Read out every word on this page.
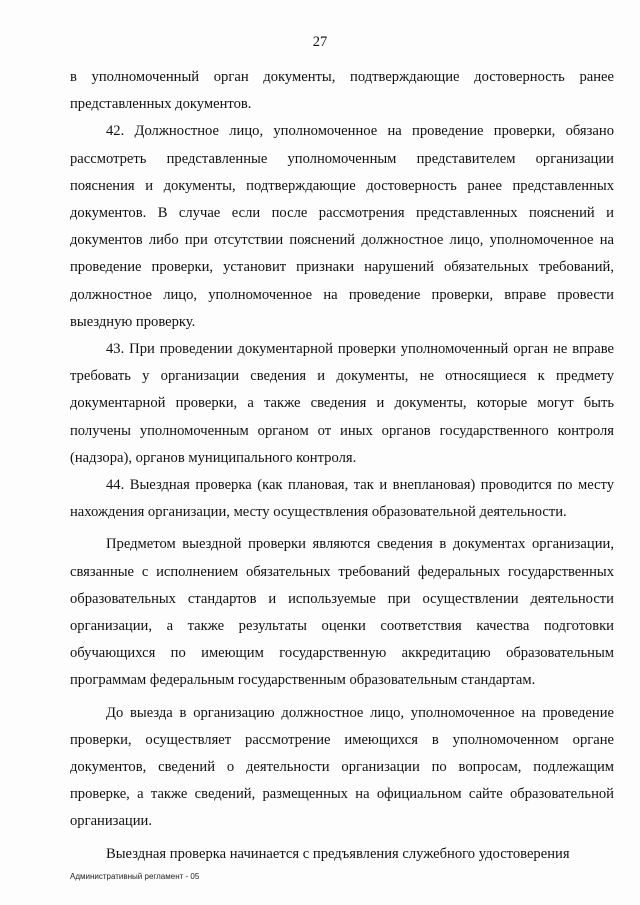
27

в уполномоченный орган документы, подтверждающие достоверность ранее представленных документов.

42. Должностное лицо, уполномоченное на проведение проверки, обязано рассмотреть представленные уполномоченным представителем организации пояснения и документы, подтверждающие достоверность ранее представленных документов. В случае если после рассмотрения представленных пояснений и документов либо при отсутствии пояснений должностное лицо, уполномоченное на проведение проверки, установит признаки нарушений обязательных требований, должностное лицо, уполномоченное на проведение проверки, вправе провести выездную проверку.

43. При проведении документарной проверки уполномоченный орган не вправе требовать у организации сведения и документы, не относящиеся к предмету документарной проверки, а также сведения и документы, которые могут быть получены уполномоченным органом от иных органов государственного контроля (надзора), органов муниципального контроля.

44. Выездная проверка (как плановая, так и внеплановая) проводится по месту нахождения организации, месту осуществления образовательной деятельности.

Предметом выездной проверки являются сведения в документах организации, связанные с исполнением обязательных требований федеральных государственных образовательных стандартов и используемые при осуществлении деятельности организации, а также результаты оценки соответствия качества подготовки обучающихся по имеющим государственную аккредитацию образовательным программам федеральным государственным образовательным стандартам.

До выезда в организацию должностное лицо, уполномоченное на проведение проверки, осуществляет рассмотрение имеющихся в уполномоченном органе документов, сведений о деятельности организации по вопросам, подлежащим проверке, а также сведений, размещенных на официальном сайте образовательной организации.

Выездная проверка начинается с предъявления служебного удостоверения

Административный регламент - 05
